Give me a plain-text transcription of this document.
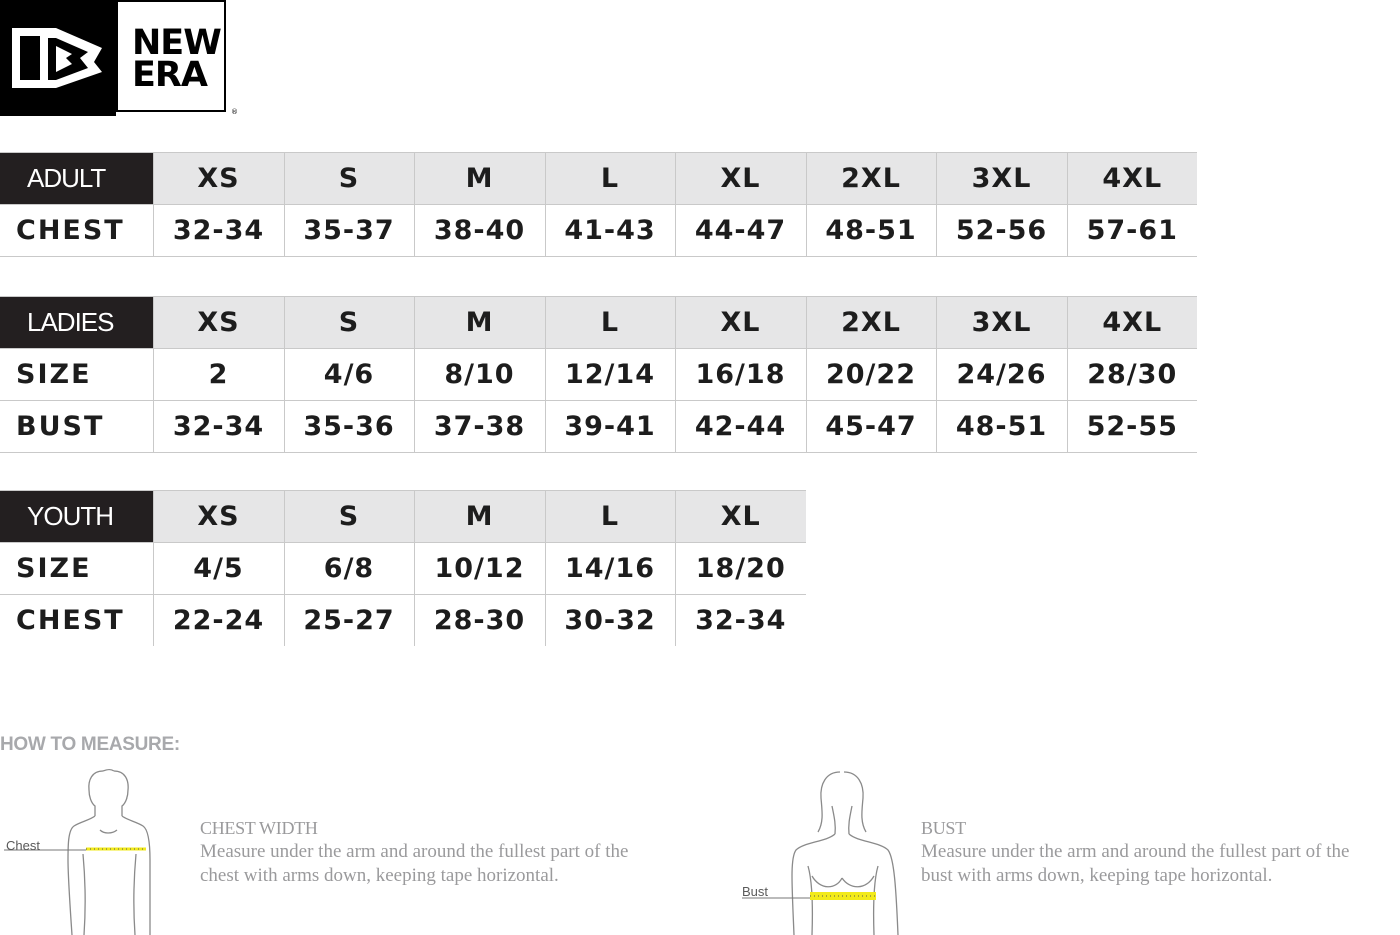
NEW
ERA
®
ADULT	XS	S	M	L	XL	2XL	3XL	4XL
CHEST	32-34	35-37	38-40	41-43	44-47	48-51	52-56	57-61
LADIES	XS	S	M	L	XL	2XL	3XL	4XL
SIZE	2	4/6	8/10	12/14	16/18	20/22	24/26	28/30
BUST	32-34	35-36	37-38	39-41	42-44	45-47	48-51	52-55
YOUTH	XS	S	M	L	XL
SIZE	4/5	6/8	10/12	14/16	18/20
CHEST	22-24	25-27	28-30	30-32	32-34
HOW TO MEASURE:
Chest
CHEST WIDTH
Measure under the arm and around the fullest part of the
chest with arms down, keeping tape horizontal.
Bust
BUST
Measure under the arm and around the fullest part of the
bust with arms down, keeping tape horizontal.
